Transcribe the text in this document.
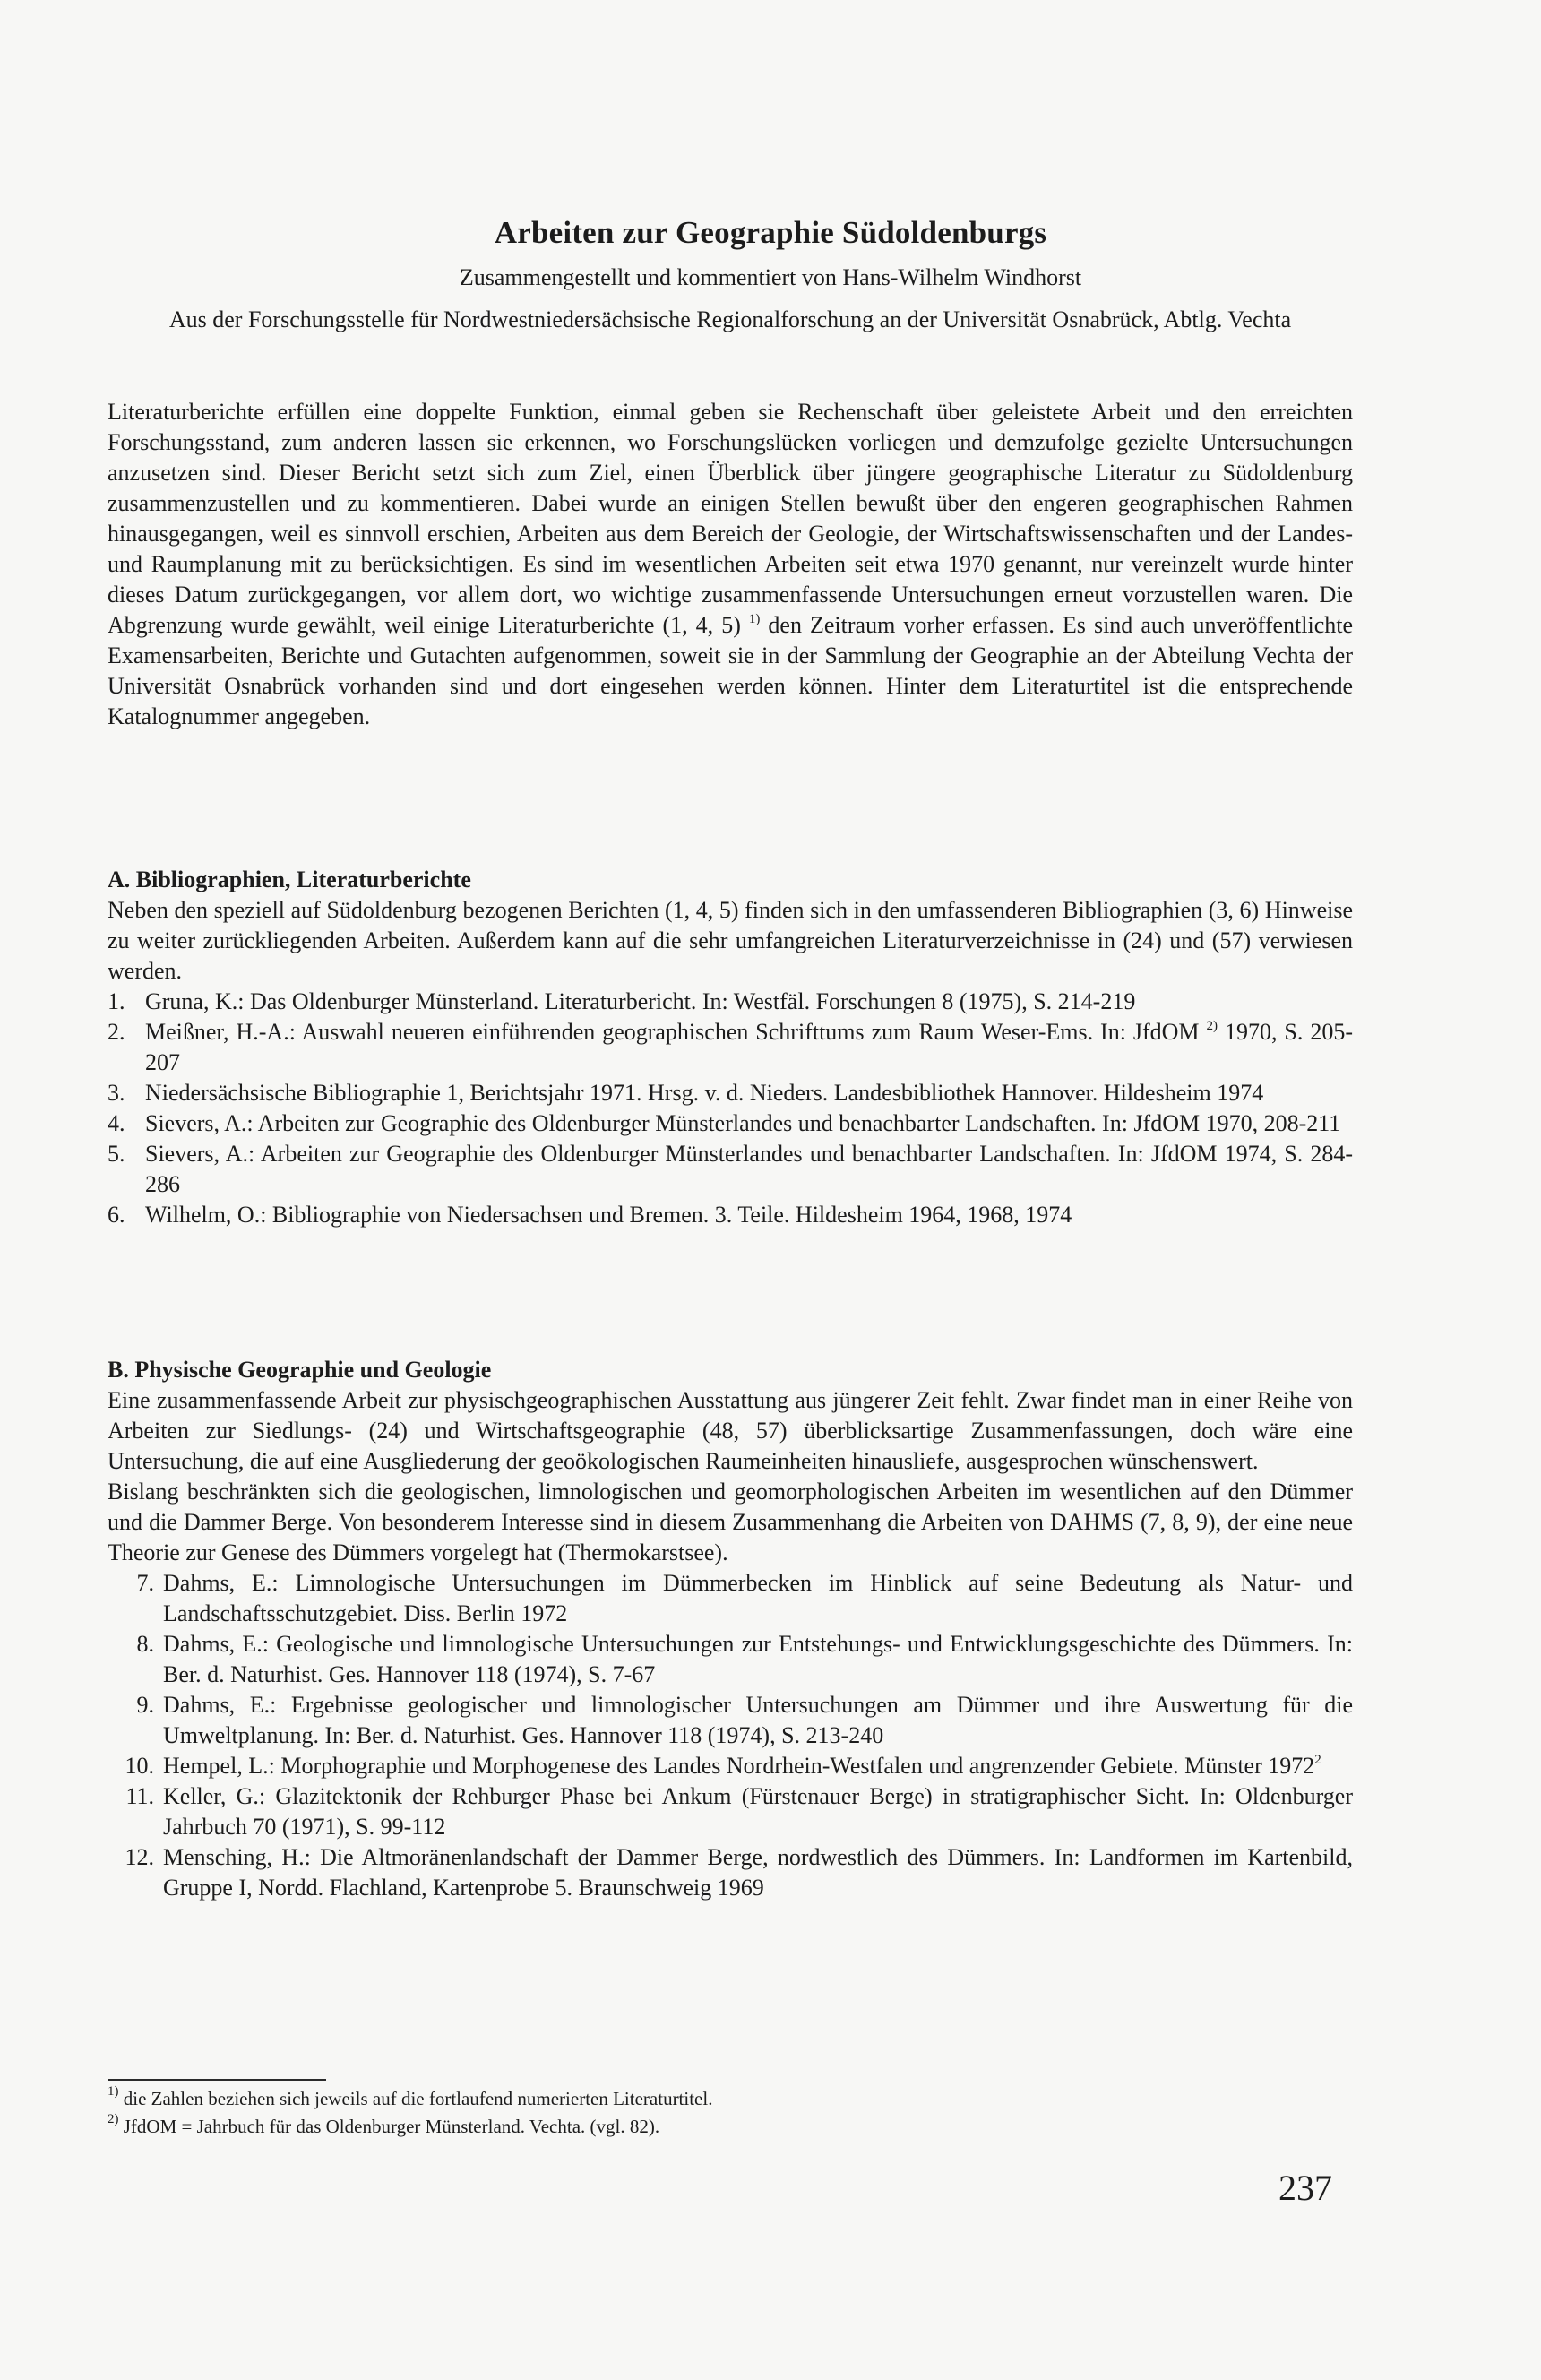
Arbeiten zur Geographie Südoldenburgs
Zusammengestellt und kommentiert von Hans-Wilhelm Windhorst
Aus der Forschungsstelle für Nordwestniedersächsische Regionalforschung an der Universität Osnabrück, Abtlg. Vechta

Literaturberichte erfüllen eine doppelte Funktion, einmal geben sie Rechenschaft über geleistete Arbeit und den erreichten Forschungsstand, zum anderen lassen sie erkennen, wo Forschungslücken vorliegen und demzufolge gezielte Untersuchungen anzusetzen sind. Dieser Bericht setzt sich zum Ziel, einen Überblick über jüngere geographische Literatur zu Südoldenburg zusammenzustellen und zu kommentieren. Dabei wurde an einigen Stellen bewußt über den engeren geographischen Rahmen hinausgegangen, weil es sinnvoll erschien, Arbeiten aus dem Bereich der Geologie, der Wirtschaftswissenschaften und der Landes- und Raumplanung mit zu berücksichtigen. Es sind im wesentlichen Arbeiten seit etwa 1970 genannt, nur vereinzelt wurde hinter dieses Datum zurückgegangen, vor allem dort, wo wichtige zusammenfassende Untersuchungen erneut vorzustellen waren. Die Abgrenzung wurde gewählt, weil einige Literaturberichte (1, 4, 5) $^{1)}$ den Zeitraum vorher erfassen. Es sind auch unveröffentlichte Examensarbeiten, Berichte und Gutachten aufgenommen, soweit sie in der Sammlung der Geographie an der Abteilung Vechta der Universität Osnabrück vorhanden sind und dort eingesehen werden können. Hinter dem Literaturtitel ist die entsprechende Katalognummer angegeben.

A. Bibliographien, Literaturberichte

Neben den speziell auf Südoldenburg bezogenen Berichten (1, 4, 5) finden sich in den umfassenderen Bibliographien (3, 6) Hinweise zu weiter zurückliegenden Arbeiten. Außerdem kann auf die sehr umfangreichen Literaturverzeichnisse in (24) und (57) verwiesen werden.

1. Gruna, K.: Das Oldenburger Münsterland. Literaturbericht. In: Westfäl. Forschungen 8 (1975), S. 214-219
2. Meißner, H.-A.: Auswahl neueren einführenden geographischen Schrifttums zum Raum Weser-Ems. In: JfdOM $^{2)}$ 1970, S. 205-207
3. Niedersächsische Bibliographie 1, Berichtsjahr 1971. Hrsg. v. d. Nieders. Landesbibliothek Hannover. Hildesheim 1974
4. Sievers, A.: Arbeiten zur Geographie des Oldenburger Münsterlandes und benachbarter Landschaften. In: JfdOM 1970, 208-211
5. Sievers, A.: Arbeiten zur Geographie des Oldenburger Münsterlandes und benachbarter Landschaften. In: JfdOM 1974, S. 284-286
6. Wilhelm, O.: Bibliographie von Niedersachsen und Bremen. 3. Teile. Hildesheim 1964, 1968, 1974
B. Physische Geographie und Geologie

Eine zusammenfassende Arbeit zur physischgeographischen Ausstattung aus jüngerer Zeit fehlt. Zwar findet man in einer Reihe von Arbeiten zur Siedlungs- (24) und Wirtschaftsgeographie (48, 57) überblicksartige Zusammenfassungen, doch wäre eine Untersuchung, die auf eine Ausgliederung der geoökologischen Raumeinheiten hinausliefe, ausgesprochen wünschenswert.

Bislang beschränkten sich die geologischen, limnologischen und geomorphologischen Arbeiten im wesentlichen auf den Dümmer und die Dammer Berge. Von besonderem Interesse sind in diesem Zusammenhang die Arbeiten von DAHMS (7, 8, 9), der eine neue Theorie zur Genese des Dümmers vorgelegt hat (Thermokarstsee).

7. Dahms, E.: Limnologische Untersuchungen im Dümmerbecken im Hinblick auf seine Bedeutung als Natur- und Landschaftsschutzgebiet. Diss. Berlin 1972
8. Dahms, E.: Geologische und limnologische Untersuchungen zur Entstehungs- und Entwicklungsgeschichte des Dümmers. In: Ber. d. Naturhist. Ges. Hannover 118 (1974), S. 7-67
9. Dahms, E.: Ergebnisse geologischer und limnologischer Untersuchungen am Dümmer und ihre Auswertung für die Umweltplanung. In: Ber. d. Naturhist. Ges. Hannover 118 (1974), S. 213-240
10. Hempel, L.: Morphographie und Morphogenese des Landes Nordrhein-Westfalen und angrenzender Gebiete. Münster 1972$^2$
11. Keller, G.: Glazitektonik der Rehburger Phase bei Ankum (Fürstenauer Berge) in stratigraphischer Sicht. In: Oldenburger Jahrbuch 70 (1971), S. 99-112
12. Mensching, H.: Die Altmoränenlandschaft der Dammer Berge, nordwestlich des Dümmers. In: Landformen im Kartenbild, Gruppe I, Nordd. Flachland, Kartenprobe 5. Braunschweig 1969
$^{1)}$ die Zahlen beziehen sich jeweils auf die fortlaufend numerierten Literaturtitel.
$^{2)}$ JfdOM = Jahrbuch für das Oldenburger Münsterland. Vechta. (vgl. 82).
237
